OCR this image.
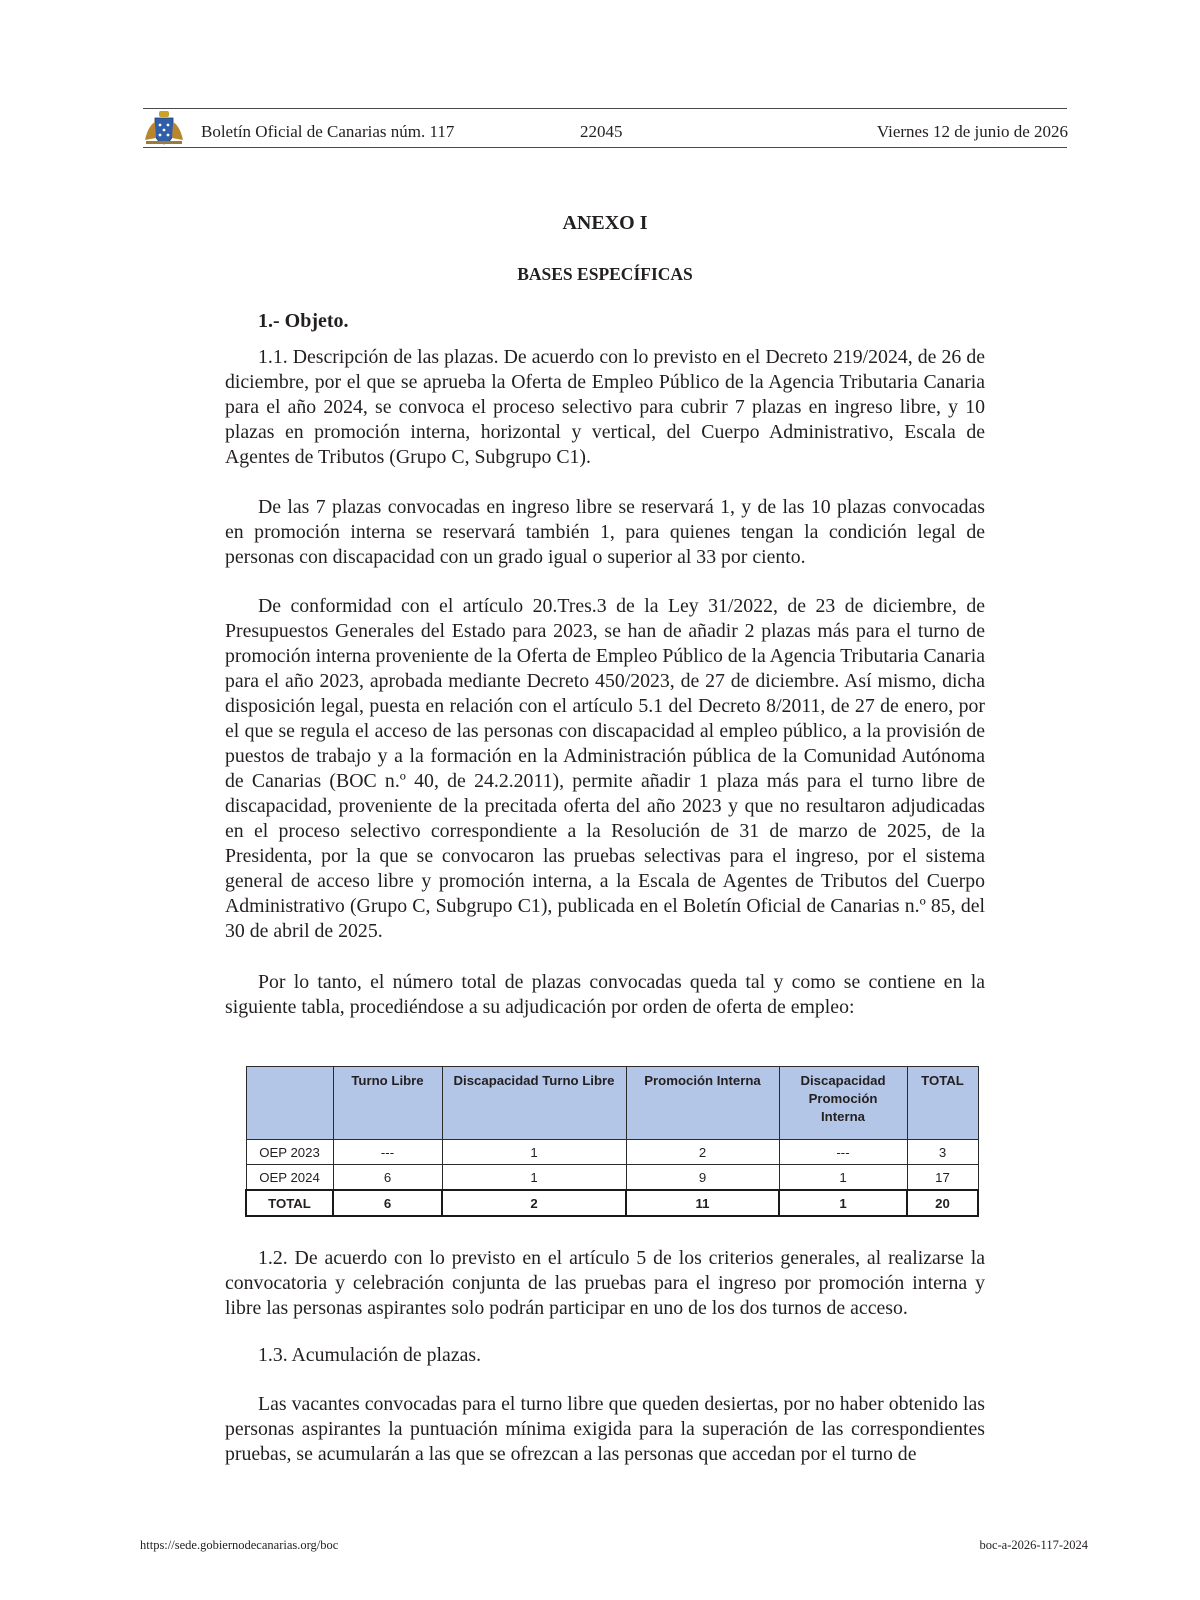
Boletín Oficial de Canarias núm. 117	22045	Viernes 12 de junio de 2026
ANEXO I
BASES ESPECÍFICAS
1.- Objeto.

1.1. Descripción de las plazas. De acuerdo con lo previsto en el Decreto 219/2024, de 26 de diciembre, por el que se aprueba la Oferta de Empleo Público de la Agencia Tributaria Canaria para el año 2024, se convoca el proceso selectivo para cubrir 7 plazas en ingreso libre, y 10 plazas en promoción interna, horizontal y vertical, del Cuerpo Administrativo, Escala de Agentes de Tributos (Grupo C, Subgrupo C1).

De las 7 plazas convocadas en ingreso libre se reservará 1, y de las 10 plazas convocadas en promoción interna se reservará también 1, para quienes tengan la condición legal de personas con discapacidad con un grado igual o superior al 33 por ciento.

De conformidad con el artículo 20.Tres.3 de la Ley 31/2022, de 23 de diciembre, de Presupuestos Generales del Estado para 2023, se han de añadir 2 plazas más para el turno de promoción interna proveniente de la Oferta de Empleo Público de la Agencia Tributaria Canaria para el año 2023, aprobada mediante Decreto 450/2023, de 27 de diciembre. Así mismo, dicha disposición legal, puesta en relación con el artículo 5.1 del Decreto 8/2011, de 27 de enero, por el que se regula el acceso de las personas con discapacidad al empleo público, a la provisión de puestos de trabajo y a la formación en la Administración pública de la Comunidad Autónoma de Canarias (BOC n.º 40, de 24.2.2011), permite añadir 1 plaza más para el turno libre de discapacidad, proveniente de la precitada oferta del año 2023 y que no resultaron adjudicadas en el proceso selectivo correspondiente a la Resolución de 31 de marzo de 2025, de la Presidenta, por la que se convocaron las pruebas selectivas para el ingreso, por el sistema general de acceso libre y promoción interna, a la Escala de Agentes de Tributos del Cuerpo Administrativo (Grupo C, Subgrupo C1), publicada en el Boletín Oficial de Canarias n.º 85, del 30 de abril de 2025.

Por lo tanto, el número total de plazas convocadas queda tal y como se contiene en la siguiente tabla, procediéndose a su adjudicación por orden de oferta de empleo:

	Turno Libre	Discapacidad Turno Libre	Promoción Interna	Discapacidad Promoción Interna	TOTAL
OEP 2023	---	1	2	---	3
OEP 2024	6	1	9	1	17
TOTAL	6	2	11	1	20

1.2. De acuerdo con lo previsto en el artículo 5 de los criterios generales, al realizarse la convocatoria y celebración conjunta de las pruebas para el ingreso por promoción interna y libre las personas aspirantes solo podrán participar en uno de los dos turnos de acceso.

1.3. Acumulación de plazas.

Las vacantes convocadas para el turno libre que queden desiertas, por no haber obtenido las personas aspirantes la puntuación mínima exigida para la superación de las correspondientes pruebas, se acumularán a las que se ofrezcan a las personas que accedan por el turno de

https://sede.gobiernodecanarias.org/boc	boc-a-2026-117-2024
